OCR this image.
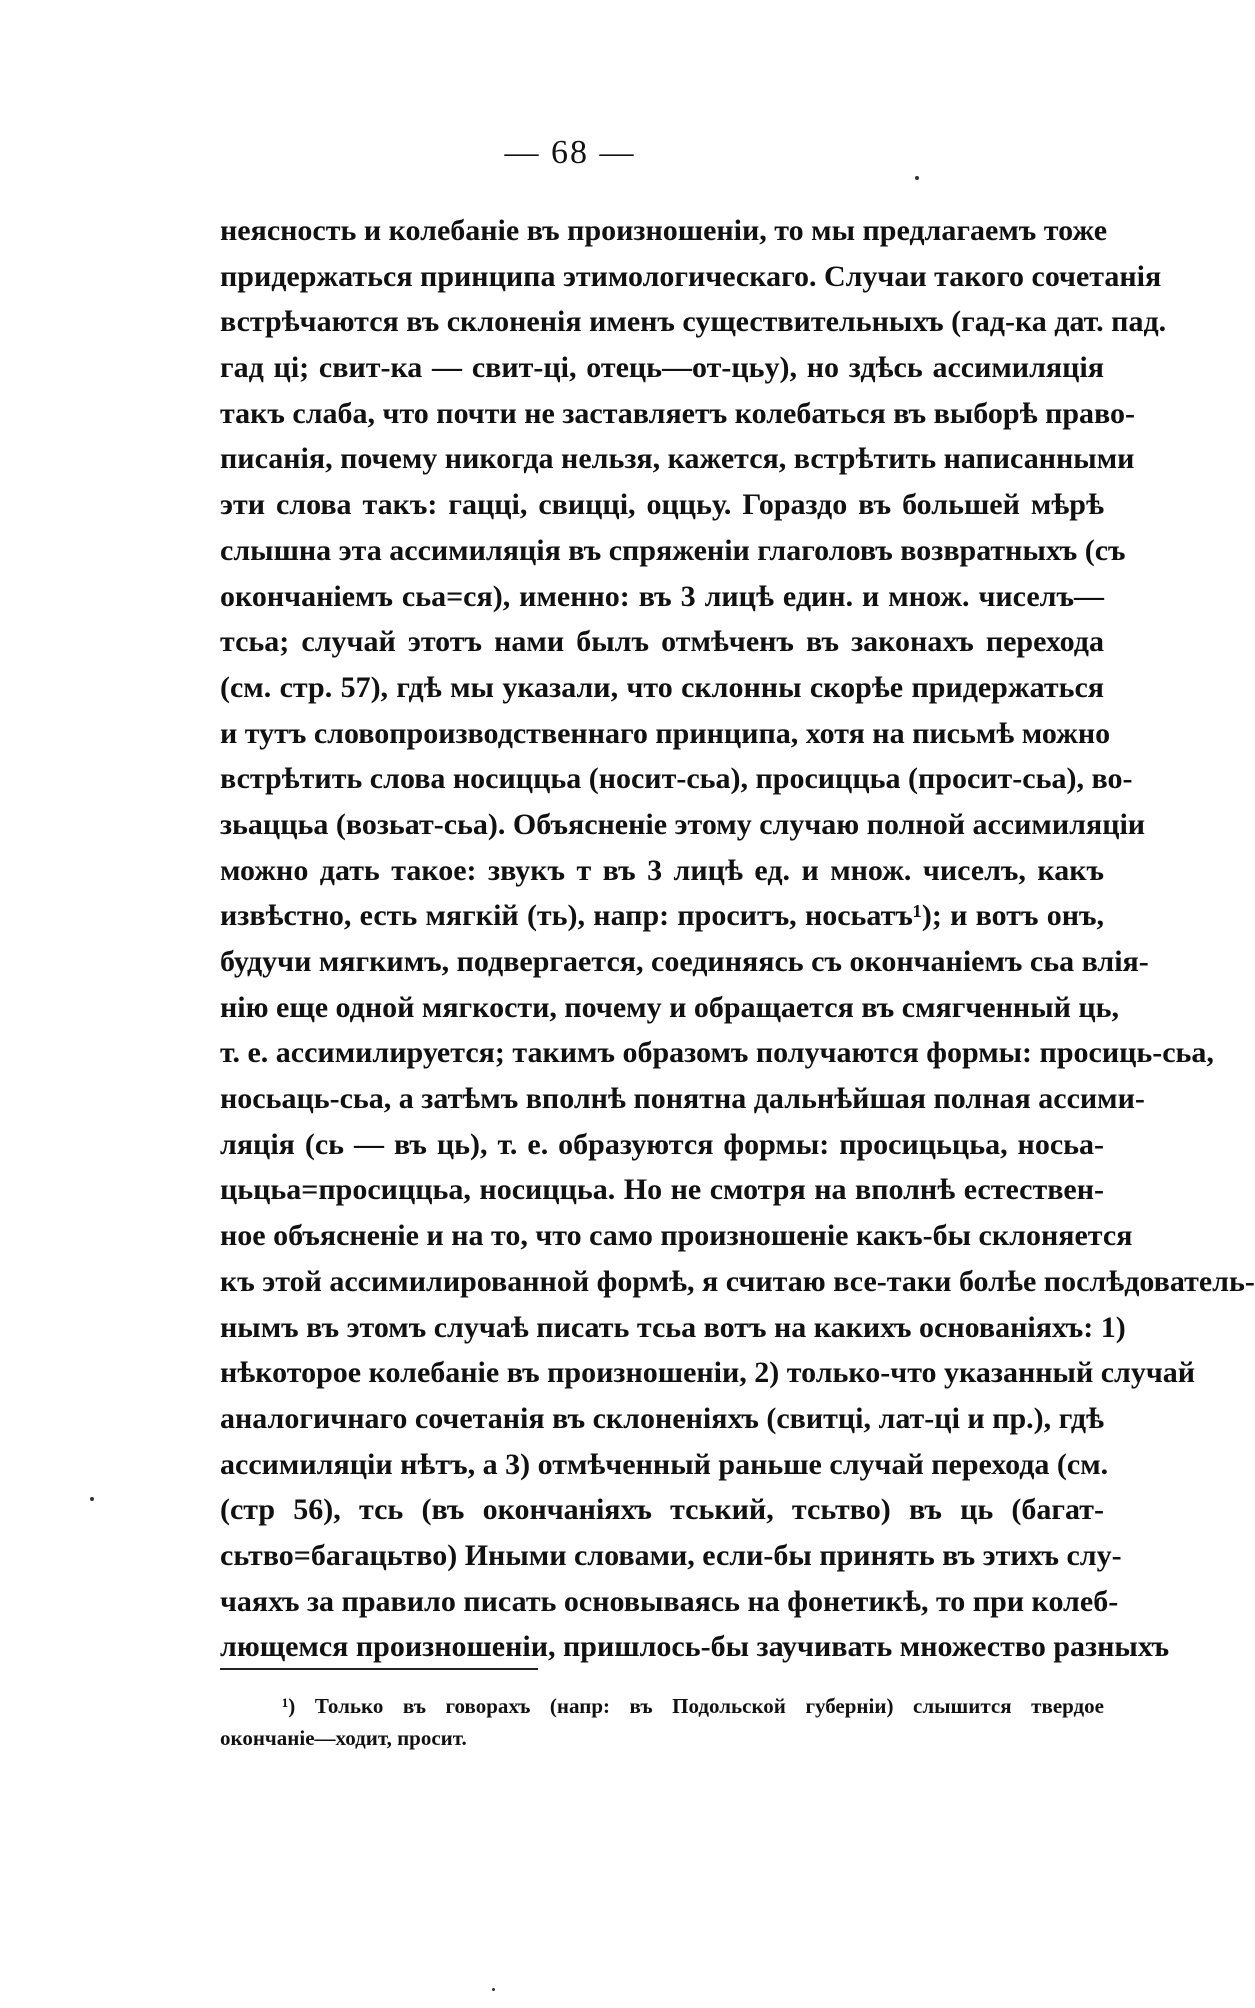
— 68 —
неясность и колебаніе въ произношеніи, то мы предлагаемъ тоже
придержаться принципа этимологическаго. Случаи такого сочетанія
встрѣчаются въ склоненія именъ существительныхъ (гад-ка дат. пад.
гад ці; свит-ка — свит-ці, отець—от-цьу), но здѣсь ассимиляція
такъ слаба, что почти не заставляетъ колебаться въ выборѣ право-
писанія, почему никогда нельзя, кажется, встрѣтить написанными
эти слова такъ: гацці, свицці, оццьу. Гораздо въ большей мѣрѣ
слышна эта ассимиляція въ спряженіи глаголовъ возвратныхъ (съ
окончаніемъ сьа=ся), именно: въ 3 лицѣ един. и множ. чиселъ—
тсьа; случай этотъ нами былъ отмѣченъ въ законахъ перехода
(см. стр. 57), гдѣ мы указали, что склонны скорѣе придержаться
и тутъ словопроизводственнаго принципа, хотя на письмѣ можно
встрѣтить слова носиццьа (носит-сьа), просиццьа (просит-сьа), во-
зьаццьа (возьат-сьа). Объясненіе этому случаю полной ассимиляціи
можно дать такое: звукъ т въ 3 лицѣ ед. и множ. чиселъ, какъ
извѣстно, есть мягкій (ть), напр: проситъ, носьатъ¹); и вотъ онъ,
будучи мягкимъ, подвергается, соединяясь съ окончаніемъ сьа влія-
нію еще одной мягкости, почему и обращается въ смягченный ць,
т. е. ассимилируется; такимъ образомъ получаются формы: просиць-сьа,
носьаць-сьа, а затѣмъ вполнѣ понятна дальнѣйшая полная ассими-
ляція (сь — въ ць), т. е. образуются формы: просицьцьа, носьа-
цьцьа=просиццьа, носиццьа. Но не смотря на вполнѣ естествен-
ное объясненіе и на то, что само произношеніе какъ-бы склоняется
къ этой ассимилированной формѣ, я считаю все-таки болѣе послѣдователь-
нымъ въ этомъ случаѣ писать тсьа вотъ на какихъ основаніяхъ: 1)
нѣкоторое колебаніе въ произношеніи, 2) только-что указанный случай
аналогичнаго сочетанія въ склоненіяхъ (свитці, лат-ці и пр.), гдѣ
ассимиляціи нѣтъ, а 3) отмѣченный раньше случай перехода (см.
(стр 56), тсь (въ окончаніяхъ тський, тсьтво) въ ць (багат-
сьтво=багацьтво) Иными словами, если-бы принять въ этихъ слу-
чаяхъ за правило писать основываясь на фонетикѣ, то при колеб-
лющемся произношеніи, пришлось-бы заучивать множество разныхъ
¹) Только въ говорахъ (напр: въ Подольской губерніи) слышится твердое
окончаніе—ходит, просит.
